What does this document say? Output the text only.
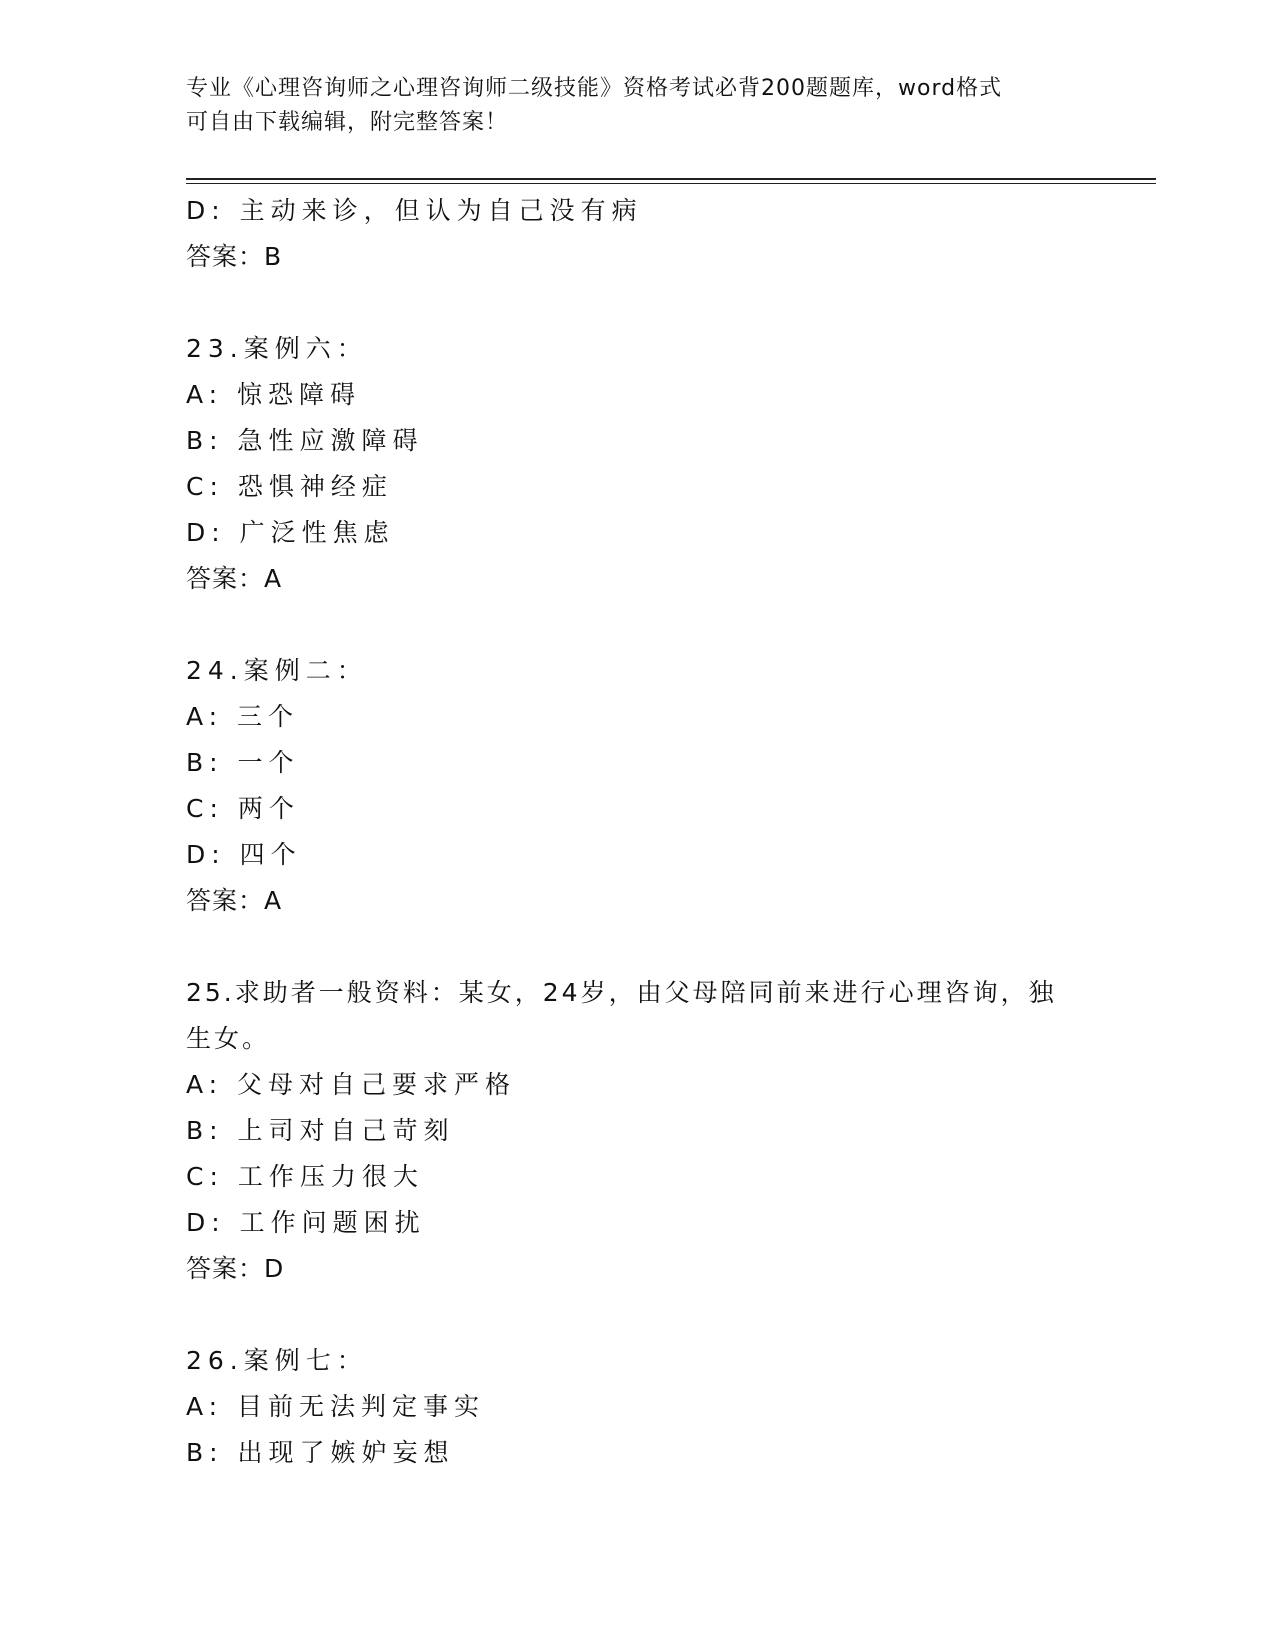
专业《心理咨询师之心理咨询师二级技能》资格考试必背200题题库，word格式
可自由下载编辑，附完整答案！
D: 主动来诊，但认为自己没有病
答案：B
23.案例六：
A: 惊恐障碍
B: 急性应激障碍
C: 恐惧神经症
D: 广泛性焦虑
答案：A
24.案例二：
A: 三个
B: 一个
C: 两个
D: 四个
答案：A
25.求助者一般资料：某女，24岁，由父母陪同前来进行心理咨询，独生女。
A: 父母对自己要求严格
B: 上司对自己苛刻
C: 工作压力很大
D: 工作问题困扰
答案：D
26.案例七：
A: 目前无法判定事实
B: 出现了嫉妒妄想
